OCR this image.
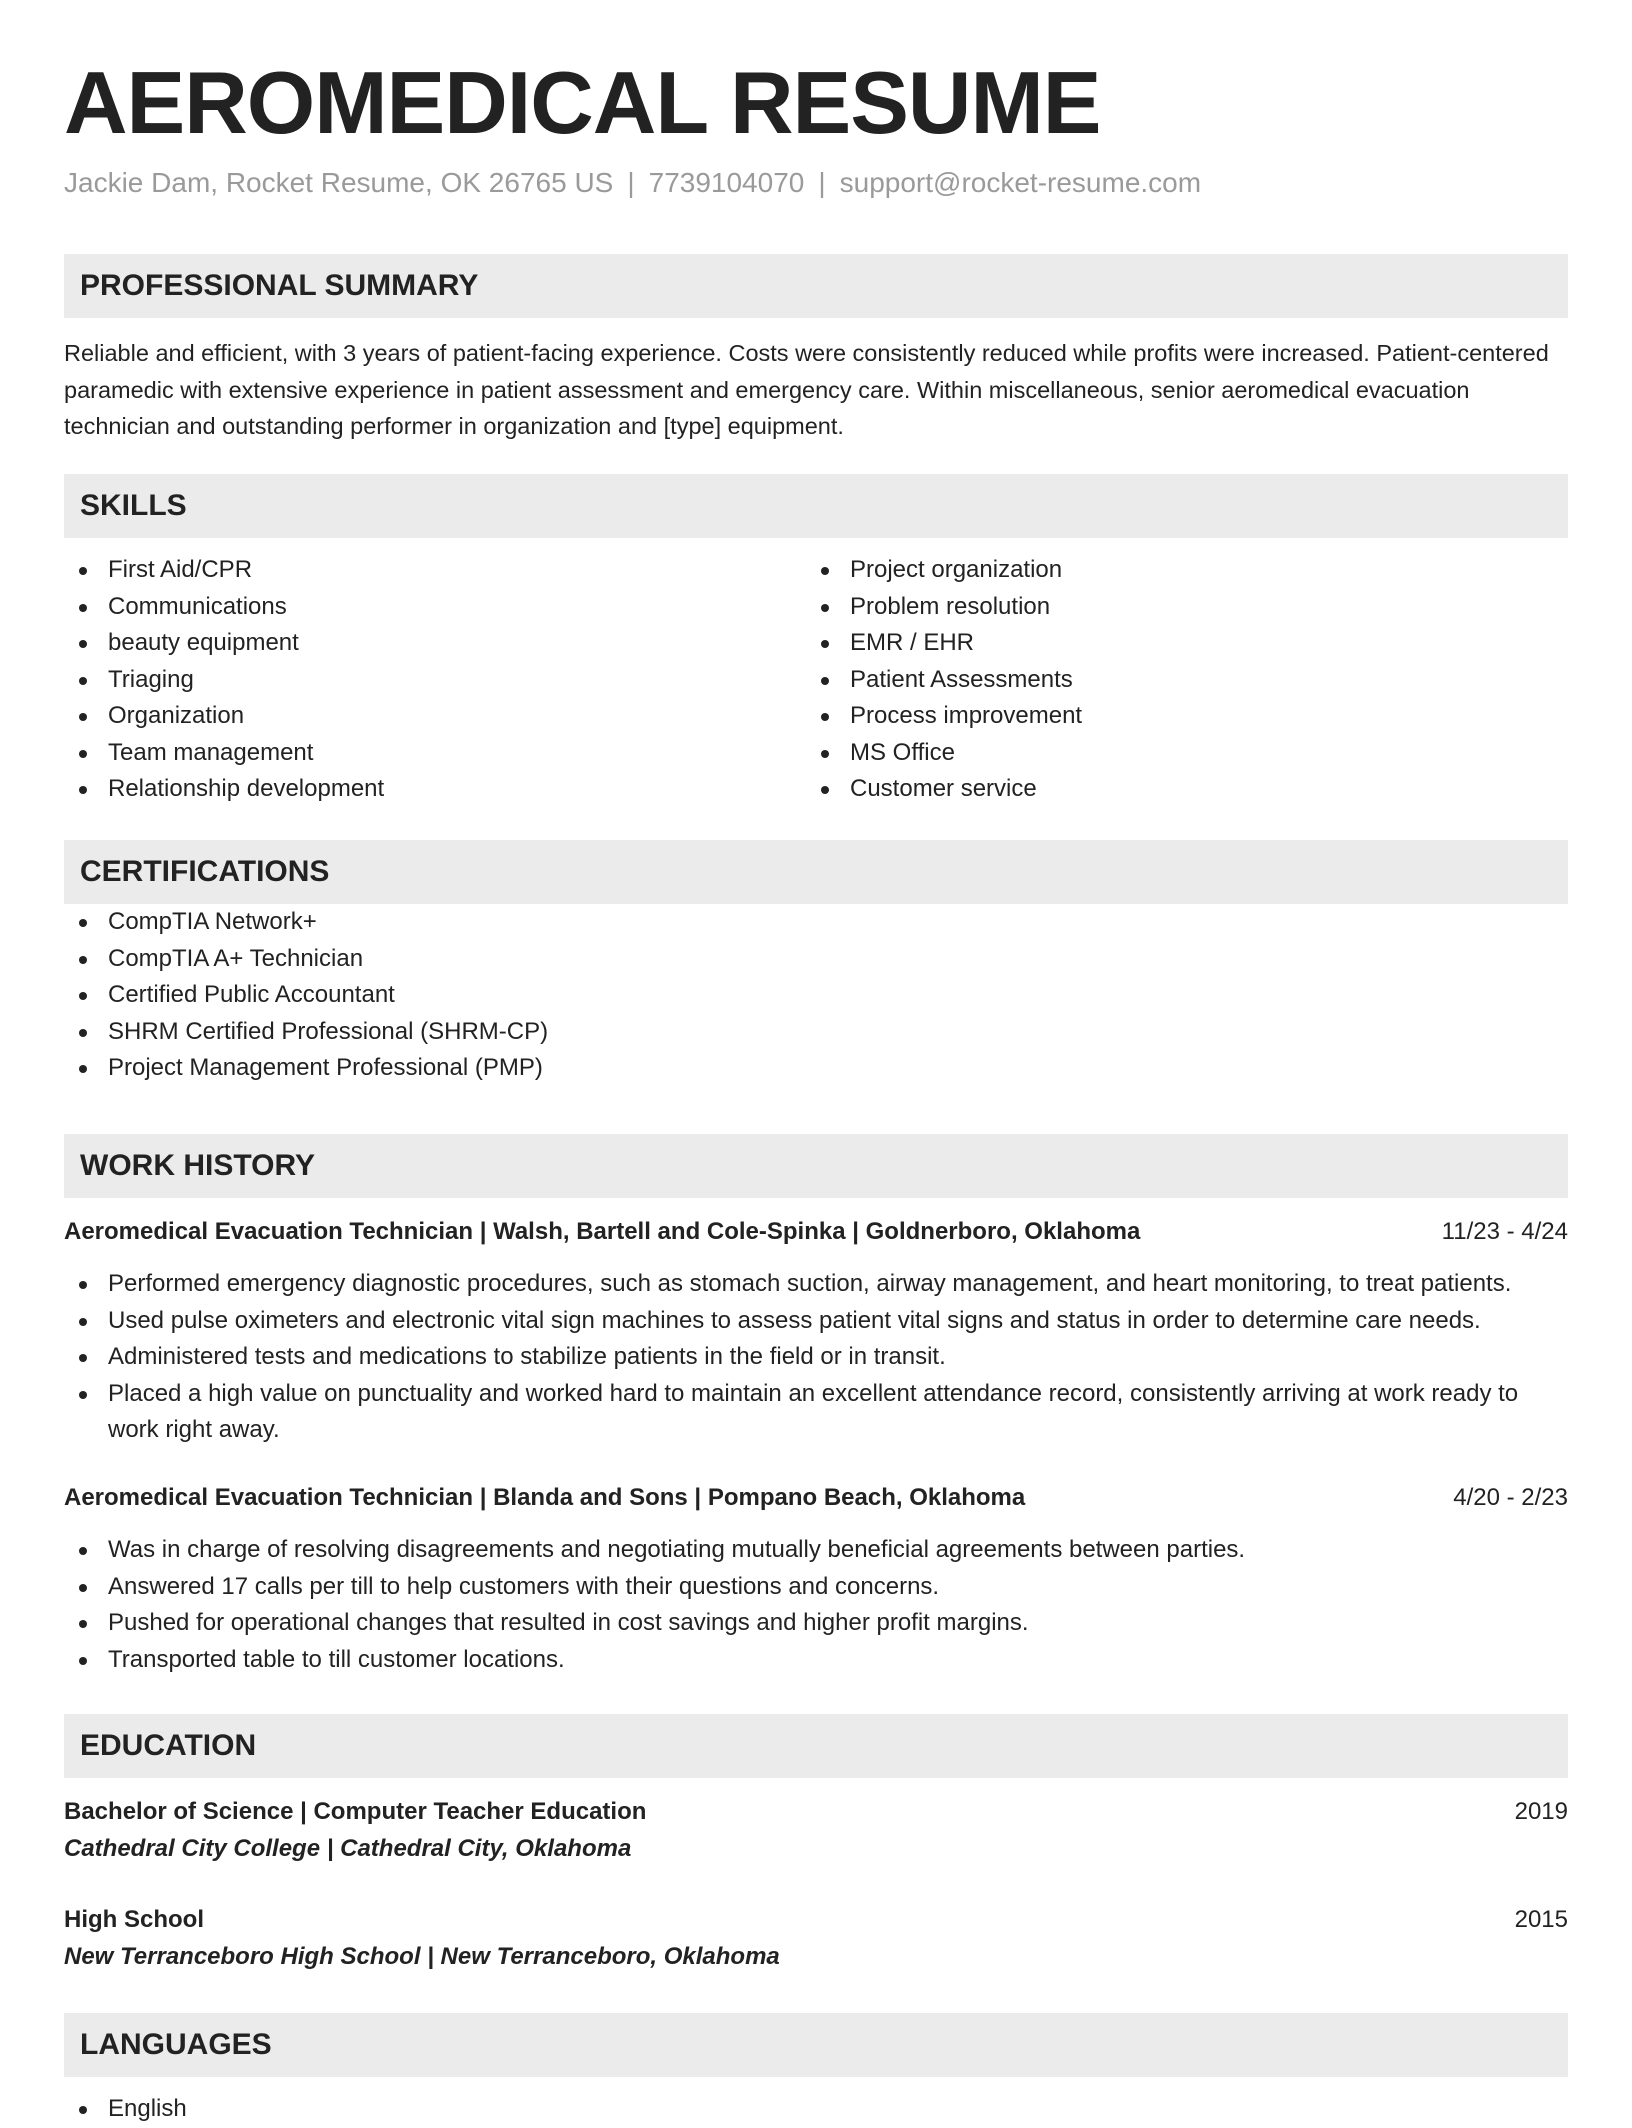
AEROMEDICAL RESUME
Jackie Dam, Rocket Resume, OK 26765 US | 7739104070 | support@rocket-resume.com
PROFESSIONAL SUMMARY

Reliable and efficient, with 3 years of patient-facing experience. Costs were consistently reduced while profits were increased. Patient-centered paramedic with extensive experience in patient assessment and emergency care. Within miscellaneous, senior aeromedical evacuation technician and outstanding performer in organization and [type] equipment.

SKILLS
First Aid/CPR
Communications
beauty equipment
Triaging
Organization
Team management
Relationship development
Project organization
Problem resolution
EMR / EHR
Patient Assessments
Process improvement
MS Office
Customer service
CERTIFICATIONS
CompTIA Network+
CompTIA A+ Technician
Certified Public Accountant
SHRM Certified Professional (SHRM-CP)
Project Management Professional (PMP)
WORK HISTORY
Aeromedical Evacuation Technician | Walsh, Bartell and Cole-Spinka | Goldnerboro, Oklahoma	11/23 - 4/24
Performed emergency diagnostic procedures, such as stomach suction, airway management, and heart monitoring, to treat patients.
Used pulse oximeters and electronic vital sign machines to assess patient vital signs and status in order to determine care needs.
Administered tests and medications to stabilize patients in the field or in transit.
Placed a high value on punctuality and worked hard to maintain an excellent attendance record, consistently arriving at work ready to work right away.
Aeromedical Evacuation Technician | Blanda and Sons | Pompano Beach, Oklahoma	4/20 - 2/23
Was in charge of resolving disagreements and negotiating mutually beneficial agreements between parties.
Answered 17 calls per till to help customers with their questions and concerns.
Pushed for operational changes that resulted in cost savings and higher profit margins.
Transported table to till customer locations.
EDUCATION
Bachelor of Science | Computer Teacher Education	2019
Cathedral City College | Cathedral City, Oklahoma
High School	2015
New Terranceboro High School | New Terranceboro, Oklahoma
LANGUAGES
English
